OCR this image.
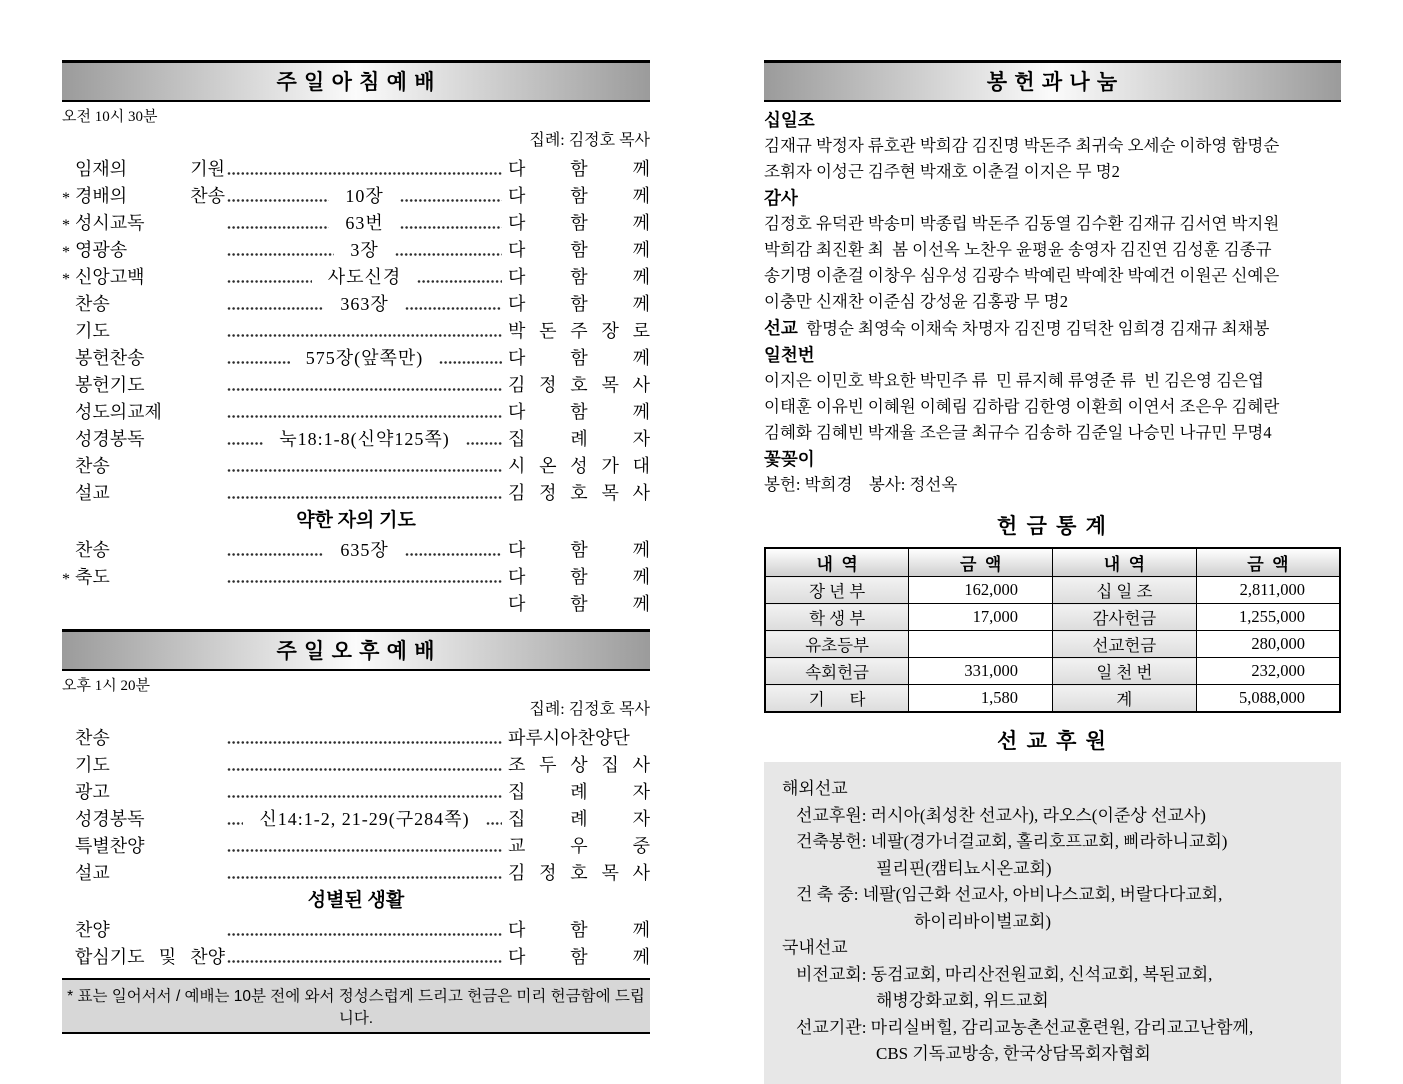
주 일 아 침 예 배
오전 10시 30분
집례: 김정호 목사
임재의 기원	다 함 께
* 경배의 찬송	10장	다 함 께
* 성시교독	63번	다 함 께
* 영광송	3장	다 함 께
* 신앙고백	사도신경	다 함 께
찬송	363장	다 함 께
기도	박 돈 주 장 로
봉헌찬송	575장(앞쪽만)	다 함 께
봉헌기도	김 정 호 목 사
성도의교제	다 함 께
성경봉독	눅18:1-8(신약125쪽)	집 례 자
찬송	시 온 성 가 대
설교	김 정 호 목 사
약한 자의 기도
찬송	635장	다 함 께
* 축도	다 함 께
다 함 께
주 일 오 후 예 배
오후 1시 20분
집례: 김정호 목사
찬송	파루시아찬양단
기도	조 두 상 집 사
광고	집 례 자
성경봉독	신14:1-2, 21-29(구284쪽)	집 례 자
특별찬양	교 우 중
설교	김 정 호 목 사
성별된 생활
찬양	다 함 께
합심기도 및 찬양	다 함 께
* 표는 일어서서 / 예배는 10분 전에 와서 정성스럽게 드리고 헌금은 미리 헌금함에 드립니다.
봉 헌 과 나 눔
십일조
김재규 박정자 류호관 박희감 김진명 박돈주 최귀숙 오세순 이하영 함명순
조휘자 이성근 김주현 박재호 이춘걸 이지은 무 명2
감사
김정호 유덕관 박송미 박종립 박돈주 김동열 김수환 김재규 김서연 박지원
박희감 최진환 최  봄 이선옥 노찬우 윤평윤 송영자 김진연 김성훈 김종규
송기명 이춘걸 이창우 심우성 김광수 박예린 박예찬 박예건 이원곤 신예은
이충만 신재찬 이준심 강성윤 김홍광 무 명2
선교  함명순 최영숙 이채숙 차명자 김진명 김덕찬 임희경 김재규 최채봉
일천번
이지은 이민호 박요한 박민주 류  민 류지혜 류영준 류  빈 김은영 김은엽
이태훈 이유빈 이혜원 이혜림 김하람 김한영 이환희 이연서 조은우 김혜란
김혜화 김혜빈 박재율 조은글 최규수 김송하 김준일 나승민 나규민 무명4
꽃꽂이
봉헌: 박희경    봉사: 정선옥
헌 금 통 계
내  역	금  액	내  역	금  액
장 년 부	162,000	십 일 조	2,811,000
학 생 부	17,000	감사헌금	1,255,000
유초등부		선교헌금	280,000
속회헌금	331,000	일 천 번	232,000
기      타	1,580	계	5,088,000
선 교 후 원
해외선교
선교후원: 러시아(최성찬 선교사), 라오스(이준상 선교사)
건축봉헌: 네팔(경가너걸교회, 홀리호프교회, 삐라하니교회)
필리핀(캠티뇨시온교회)
건 축 중: 네팔(임근화 선교사, 아비나스교회, 버랄다다교회,
하이리바이벌교회)
국내선교
비전교회: 동검교회, 마리산전원교회, 신석교회, 복된교회,
해병강화교회, 위드교회
선교기관: 마리실버힐, 감리교농촌선교훈련원, 감리교고난함께,
CBS 기독교방송, 한국상담목회자협회
